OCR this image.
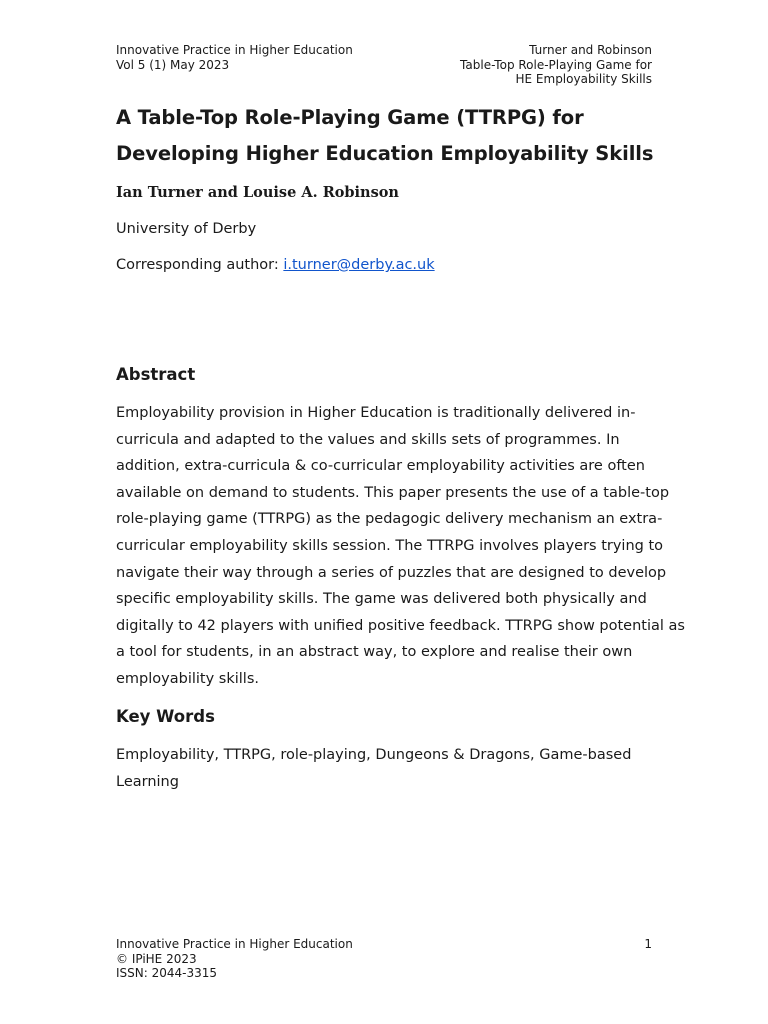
Innovative Practice in Higher Education
Vol 5 (1) May 2023
Turner and Robinson
Table-Top Role-Playing Game for
HE Employability Skills
A Table-Top Role-Playing Game (TTRPG) for
Developing Higher Education Employability Skills

Ian Turner and Louise A. Robinson

University of Derby

Corresponding author: i.turner@derby.ac.uk

Abstract

Employability provision in Higher Education is traditionally delivered in-
curricula and adapted to the values and skills sets of programmes. In
addition, extra-curricula & co-curricular employability activities are often
available on demand to students. This paper presents the use of a table-top
role-playing game (TTRPG) as the pedagogic delivery mechanism an extra-
curricular employability skills session. The TTRPG involves players trying to
navigate their way through a series of puzzles that are designed to develop
specific employability skills. The game was delivered both physically and
digitally to 42 players with unified positive feedback. TTRPG show potential as
a tool for students, in an abstract way, to explore and realise their own
employability skills.

Key Words

Employability, TTRPG, role-playing, Dungeons & Dragons, Game-based
Learning

Innovative Practice in Higher Education
© IPiHE 2023
ISSN: 2044-3315
1
